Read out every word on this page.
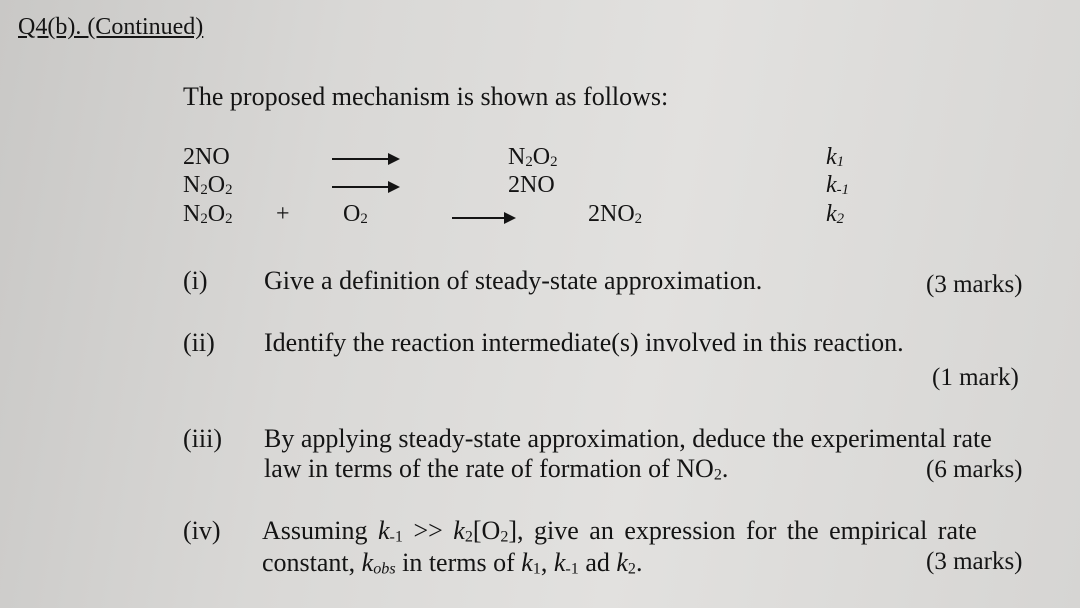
Q4(b). (Continued)
The proposed mechanism is shown as follows:
2NO	$N_2O_2$	$k_1$
$N_2O_2$	2NO	$k_{-1}$
$N_2O_2 + O_2$	$2NO_2$	$k_2$
(i) Give a definition of steady-state approximation.	(3 marks)
(ii) Identify the reaction intermediate(s) involved in this reaction.
(1 mark)
(iii) By applying steady-state approximation, deduce the experimental rate
law in terms of the rate of formation of $NO_2$.	(6 marks)
(iv) Assuming $k_{-1} >> k_2[O_2]$, give an expression for the empirical rate
constant, $k_{obs}$ in terms of $k_1$, $k_{-1}$ ad $k_2$.	(3 marks)
